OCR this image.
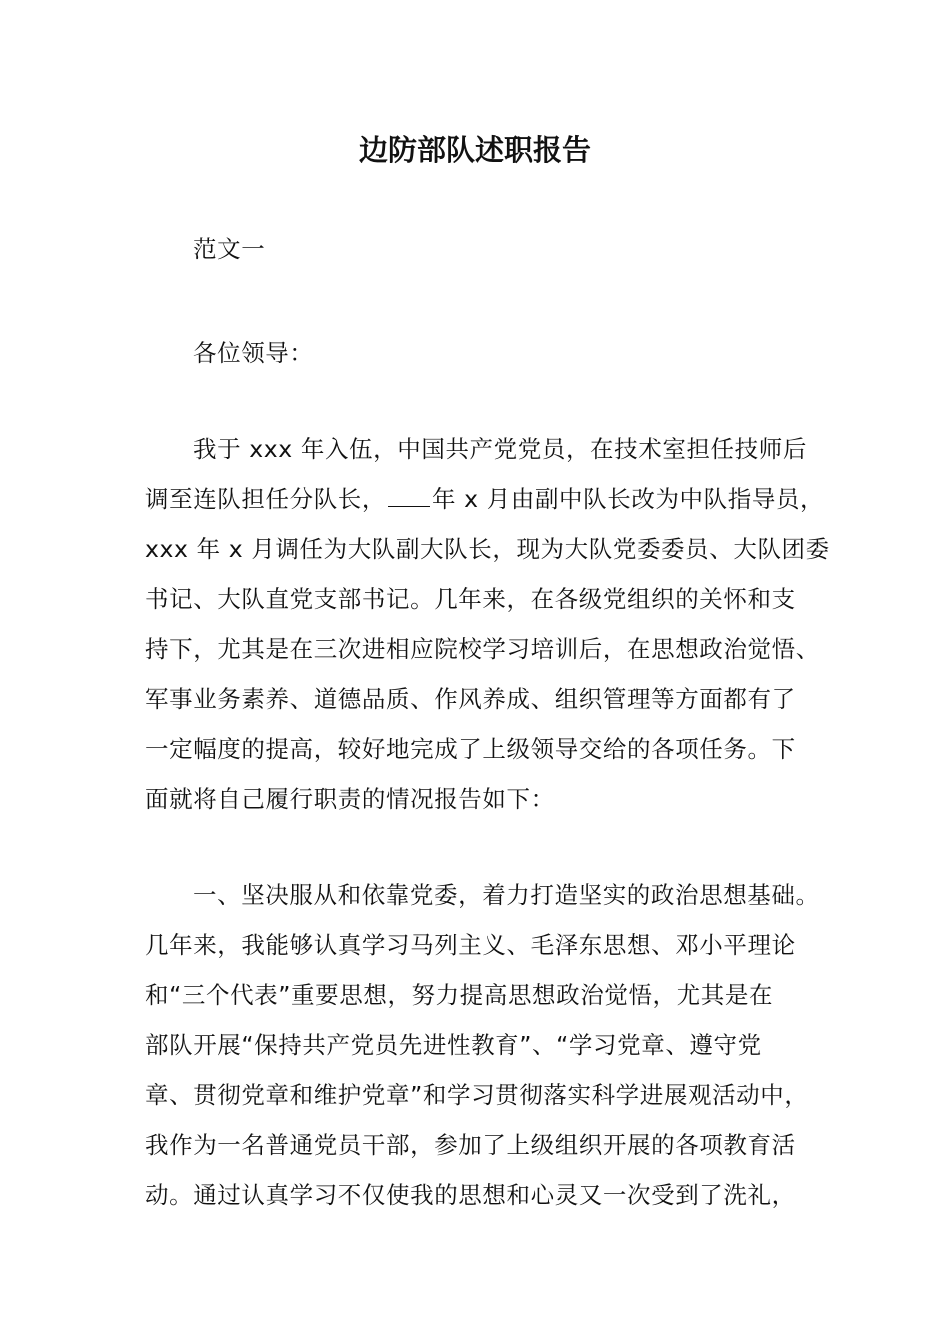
边防部队述职报告
范文一
各位领导：
我于 xxx 年入伍，中国共产党党员，在技术室担任技师后
调至连队担任分队长， 年 x 月由副中队长改为中队指导员，
xxx 年 x 月调任为大队副大队长，现为大队党委委员、大队团委
书记、大队直党支部书记。几年来，在各级党组织的关怀和支
持下，尤其是在三次进相应院校学习培训后，在思想政治觉悟、
军事业务素养、道德品质、作风养成、组织管理等方面都有了
一定幅度的提高，较好地完成了上级领导交给的各项任务。下
面就将自己履行职责的情况报告如下：
一、坚决服从和依靠党委，着力打造坚实的政治思想基础。
几年来，我能够认真学习马列主义、毛泽东思想、邓小平理论
和“三个代表”重要思想，努力提高思想政治觉悟，尤其是在
部队开展“保持共产党员先进性教育”、“学习党章、遵守党
章、贯彻党章和维护党章”和学习贯彻落实科学进展观活动中，
我作为一名普通党员干部，参加了上级组织开展的各项教育活
动。通过认真学习不仅使我的思想和心灵又一次受到了洗礼，
